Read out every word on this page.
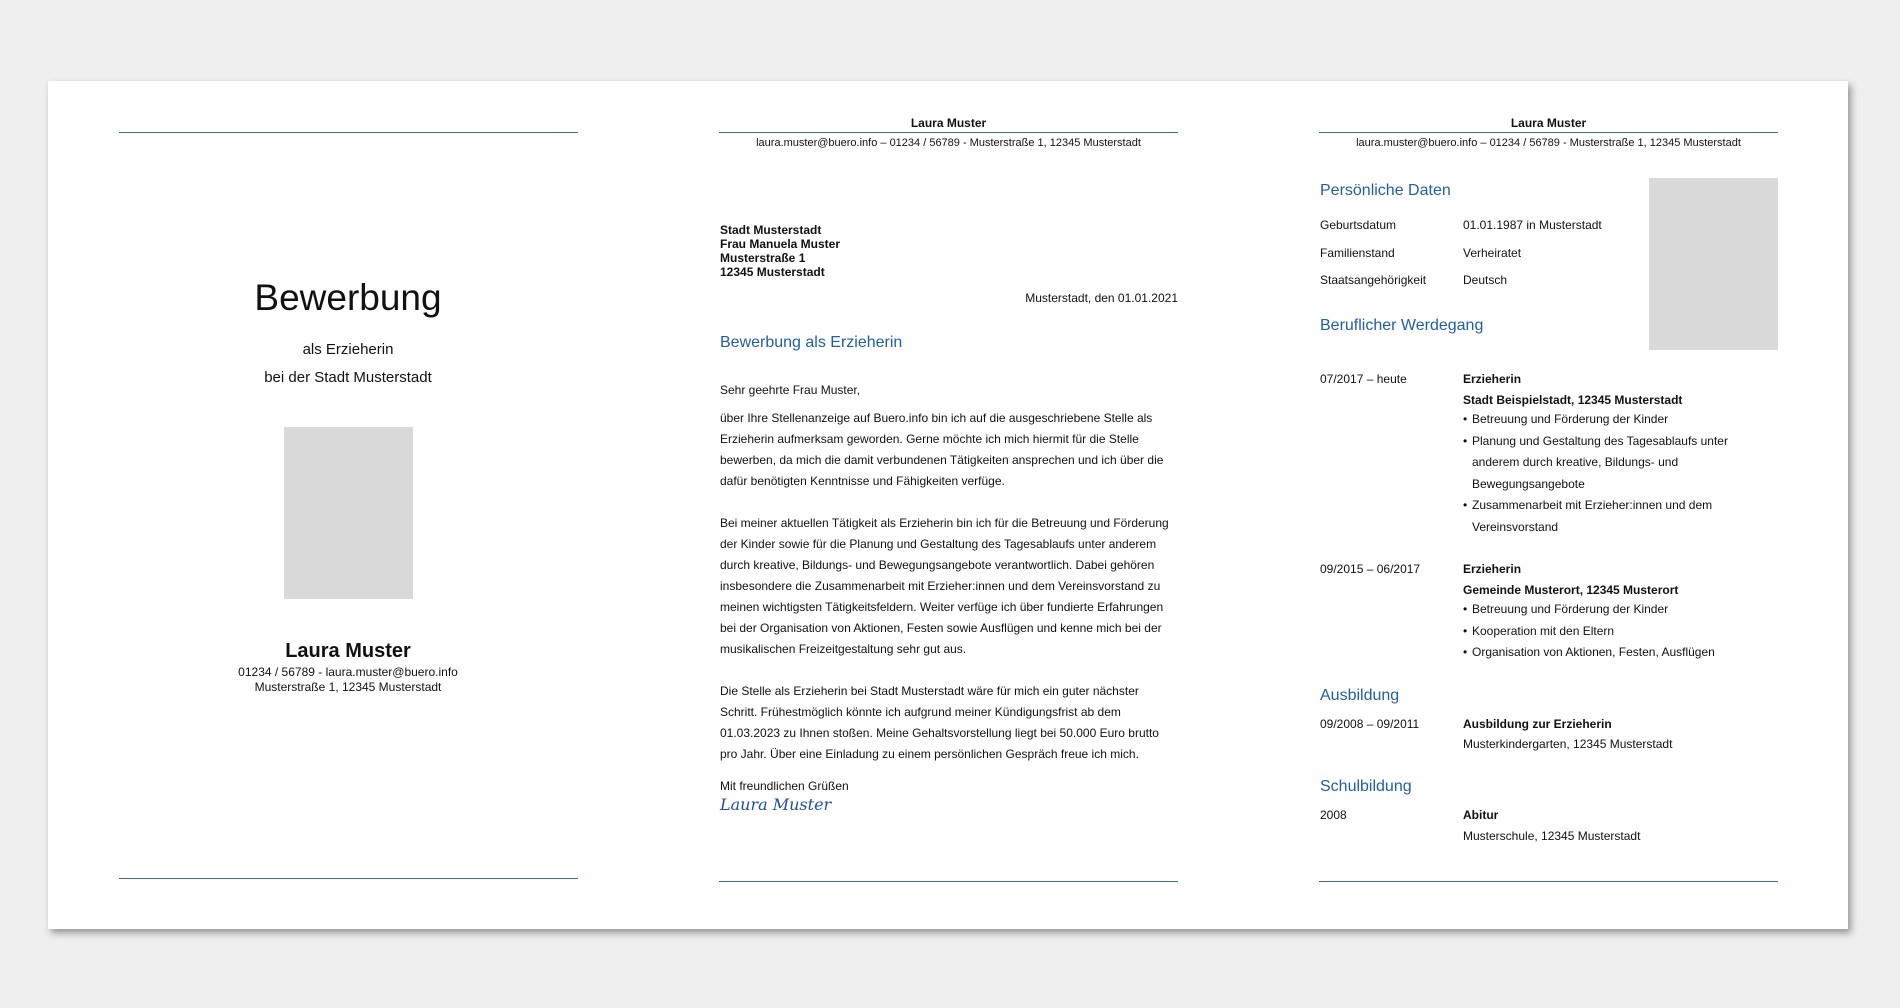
Bewerbung
als Erzieherin
bei der Stadt Musterstadt
Laura Muster
01234 / 56789 - laura.muster@buero.info
Musterstraße 1, 12345 Musterstadt
Laura Muster
laura.muster@buero.info – 01234 / 56789 - Musterstraße 1, 12345 Musterstadt
Stadt Musterstadt
Frau Manuela Muster
Musterstraße 1
12345 Musterstadt
Musterstadt, den 01.01.2021
Bewerbung als Erzieherin
Sehr geehrte Frau Muster,
über Ihre Stellenanzeige auf Buero.info bin ich auf die ausgeschriebene Stelle als
Erzieherin aufmerksam geworden. Gerne möchte ich mich hiermit für die Stelle
bewerben, da mich die damit verbundenen Tätigkeiten ansprechen und ich über die
dafür benötigten Kenntnisse und Fähigkeiten verfüge.
Bei meiner aktuellen Tätigkeit als Erzieherin bin ich für die Betreuung und Förderung
der Kinder sowie für die Planung und Gestaltung des Tagesablaufs unter anderem
durch kreative, Bildungs- und Bewegungsangebote verantwortlich. Dabei gehören
insbesondere die Zusammenarbeit mit Erzieher:innen und dem Vereinsvorstand zu
meinen wichtigsten Tätigkeitsfeldern. Weiter verfüge ich über fundierte Erfahrungen
bei der Organisation von Aktionen, Festen sowie Ausflügen und kenne mich bei der
musikalischen Freizeitgestaltung sehr gut aus.
Die Stelle als Erzieherin bei Stadt Musterstadt wäre für mich ein guter nächster
Schritt. Frühestmöglich könnte ich aufgrund meiner Kündigungsfrist ab dem
01.03.2023 zu Ihnen stoßen. Meine Gehaltsvorstellung liegt bei 50.000 Euro brutto
pro Jahr. Über eine Einladung zu einem persönlichen Gespräch freue ich mich.
Mit freundlichen Grüßen
Laura Muster
Laura Muster
laura.muster@buero.info – 01234 / 56789 - Musterstraße 1, 12345 Musterstadt
Persönliche Daten
Geburtsdatum	01.01.1987 in Musterstadt
Familienstand	Verheiratet
Staatsangehörigkeit	Deutsch
Beruflicher Werdegang
07/2017 – heute	Erzieherin
Stadt Beispielstadt, 12345 Musterstadt
• Betreuung und Förderung der Kinder
• Planung und Gestaltung des Tagesablaufs unter anderem durch kreative, Bildungs- und Bewegungsangebote
• Zusammenarbeit mit Erzieher:innen und dem Vereinsvorstand
09/2015 – 06/2017	Erzieherin
Gemeinde Musterort, 12345 Musterort
• Betreuung und Förderung der Kinder
• Kooperation mit den Eltern
• Organisation von Aktionen, Festen, Ausflügen
Ausbildung
09/2008 – 09/2011	Ausbildung zur Erzieherin
Musterkindergarten, 12345 Musterstadt
Schulbildung
2008	Abitur
Musterschule, 12345 Musterstadt
